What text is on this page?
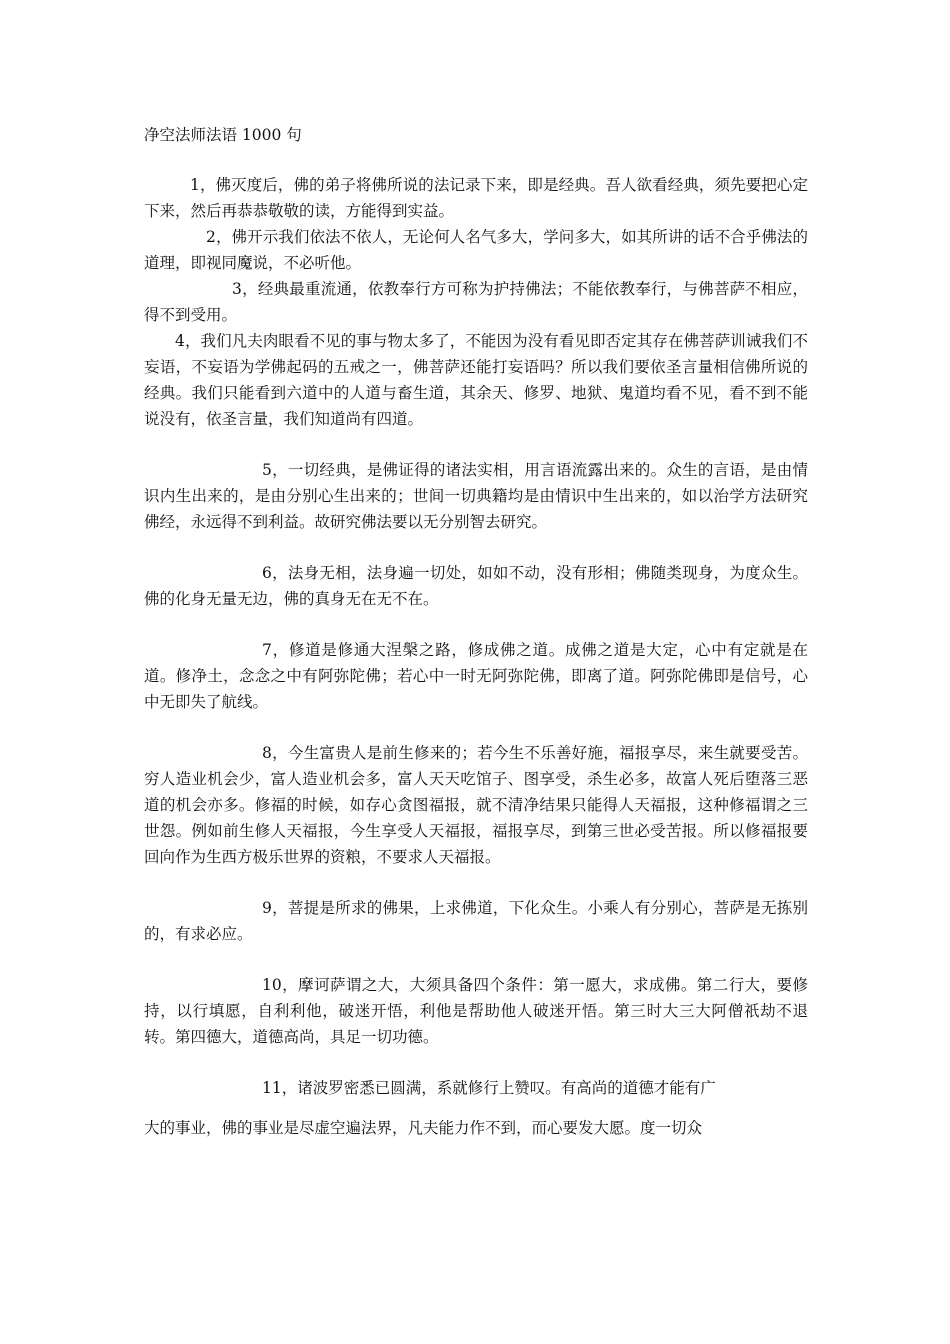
净空法师法语 1000 句

1，佛灭度后，佛的弟子将佛所说的法记录下来，即是经典。吾人欲看经典，须先要把心定下来，然后再恭恭敬敬的读，方能得到实益。

2，佛开示我们依法不依人，无论何人名气多大，学问多大，如其所讲的话不合乎佛法的道理，即视同魔说，不必听他。

3，经典最重流通，依教奉行方可称为护持佛法；不能依教奉行，与佛菩萨不相应，得不到受用。

4，我们凡夫肉眼看不见的事与物太多了，不能因为没有看见即否定其存在佛菩萨训诫我们不妄语，不妄语为学佛起码的五戒之一，佛菩萨还能打妄语吗？所以我们要依圣言量相信佛所说的经典。我们只能看到六道中的人道与畜生道，其余天、修罗、地狱、鬼道均看不见，看不到不能说没有，依圣言量，我们知道尚有四道。

5，一切经典，是佛证得的诸法实相，用言语流露出来的。众生的言语，是由情识内生出来的，是由分别心生出来的；世间一切典籍均是由情识中生出来的，如以治学方法研究佛经，永远得不到利益。故研究佛法要以无分别智去研究。

6，法身无相，法身遍一切处，如如不动，没有形相；佛随类现身，为度众生。佛的化身无量无边，佛的真身无在无不在。

7，修道是修通大涅槃之路，修成佛之道。成佛之道是大定，心中有定就是在道。修净土，念念之中有阿弥陀佛；若心中一时无阿弥陀佛，即离了道。阿弥陀佛即是信号，心中无即失了航线。

8，今生富贵人是前生修来的；若今生不乐善好施，福报享尽，来生就要受苦。穷人造业机会少，富人造业机会多，富人天天吃馆子、图享受，杀生必多，故富人死后堕落三恶道的机会亦多。修福的时候，如存心贪图福报，就不清净结果只能得人天福报，这种修福谓之三世怨。例如前生修人天福报，今生享受人天福报，福报享尽，到第三世必受苦报。所以修福报要回向作为生西方极乐世界的资粮，不要求人天福报。

9，菩提是所求的佛果，上求佛道，下化众生。小乘人有分别心，菩萨是无拣别的，有求必应。

10，摩诃萨谓之大，大须具备四个条件：第一愿大，求成佛。第二行大，要修持，以行填愿，自利利他，破迷开悟，利他是帮助他人破迷开悟。第三时大三大阿僧祇劫不退转。第四德大，道德高尚，具足一切功德。

11，诸波罗密悉已圆满，系就修行上赞叹。有高尚的道德才能有广

大的事业，佛的事业是尽虚空遍法界，凡夫能力作不到，而心要发大愿。度一切众
